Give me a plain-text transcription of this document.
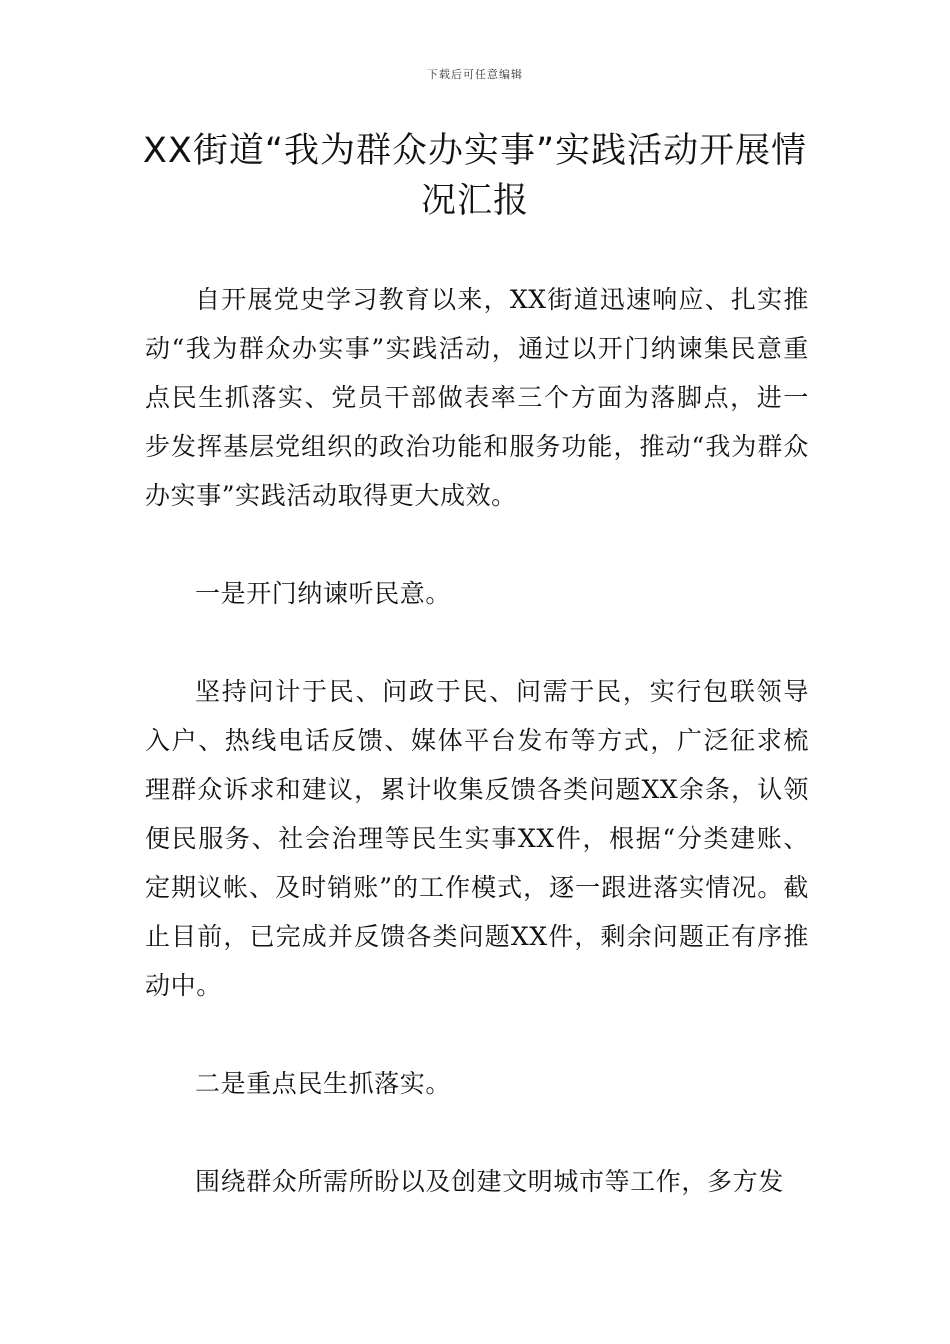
下载后可任意编辑
XX街道“我为群众办实事”实践活动开展情况汇报

自开展党史学习教育以来，XX街道迅速响应、扎实推动“我为群众办实事”实践活动，通过以开门纳谏集民意重点民生抓落实、党员干部做表率三个方面为落脚点，进一步发挥基层党组织的政治功能和服务功能，推动“我为群众办实事”实践活动取得更大成效。

一是开门纳谏听民意。

坚持问计于民、问政于民、问需于民，实行包联领导入户、热线电话反馈、媒体平台发布等方式，广泛征求梳理群众诉求和建议，累计收集反馈各类问题XX余条，认领便民服务、社会治理等民生实事XX件，根据“分类建账、定期议帐、及时销账”的工作模式，逐一跟进落实情况。截止目前，已完成并反馈各类问题XX件，剩余问题正有序推动中。

二是重点民生抓落实。

围绕群众所需所盼以及创建文明城市等工作，多方发
